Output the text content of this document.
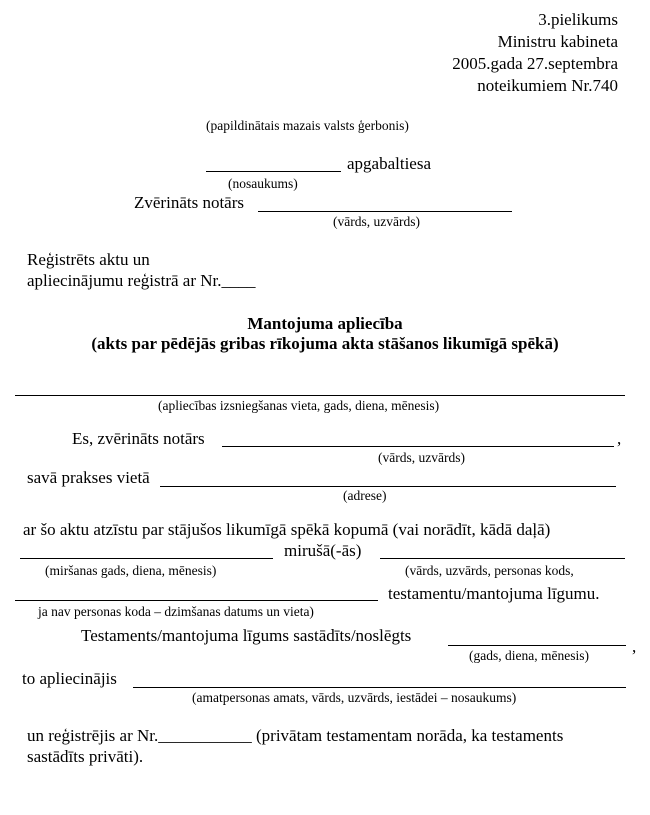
3.pielikums
Ministru kabineta
2005.gada 27.septembra
noteikumiem Nr.740
(papildinātais mazais valsts ģerbonis)
apgabaltiesa
(nosaukums)
Zvērināts notārs
(vārds, uzvārds)
Reģistrēts aktu un
apliecinājumu reģistrā ar Nr.____
Mantojuma apliecība
(akts par pēdējās gribas rīkojuma akta stāšanos likumīgā spēkā)
(apliecības izsniegšanas vieta, gads, diena, mēnesis)
Es, zvērināts notārs	,
(vārds, uzvārds)
savā prakses vietā
(adrese)
ar šo aktu atzīstu par stājušos likumīgā spēkā kopumā (vai norādīt, kādā daļā)
mirušā(-ās)
(miršanas gads, diena, mēnesis)	(vārds, uzvārds, personas kods,
testamentu/mantojuma līgumu.
ja nav personas koda – dzimšanas datums un vieta)
Testaments/mantojuma līgums sastādīts/noslēgts
,
(gads, diena, mēnesis)
to apliecinājis
(amatpersonas amats, vārds, uzvārds, iestādei – nosaukums)
un reģistrējis ar Nr.___________ (privātam testamentam norāda, ka testaments
sastādīts privāti).
